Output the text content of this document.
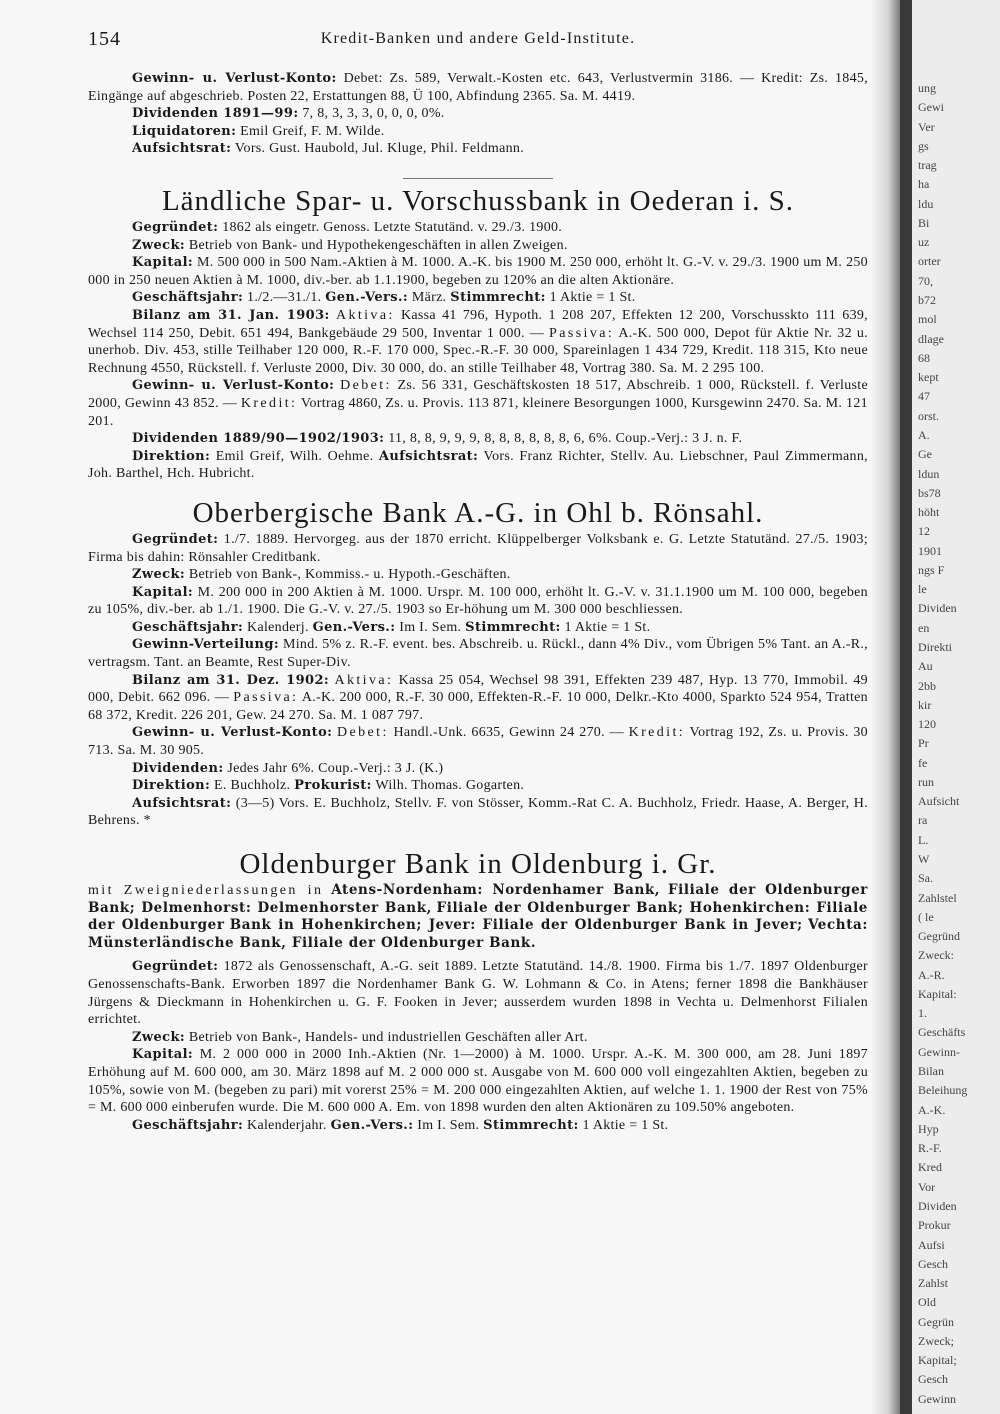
154	Kredit-Banken und andere Geld-Institute.

Gewinn- u. Verlust-Konto: Debet: Zs. 589, Verwalt.-Kosten etc. 643, Verlustvermin 3186. — Kredit: Zs. 1845, Eingänge auf abgeschrieb. Posten 22, Erstattungen 88, Ü 100, Abfindung 2365. Sa. M. 4419.

Dividenden 1891—99: 7, 8, 3, 3, 3, 0, 0, 0, 0%.

Liquidatoren: Emil Greif, F. M. Wilde.

Aufsichtsrat: Vors. Gust. Haubold, Jul. Kluge, Phil. Feldmann.

Ländliche Spar- u. Vorschussbank in Oederan i. S.

Gegründet: 1862 als eingetr. Genoss. Letzte Statutänd. v. 29./3. 1900.

Zweck: Betrieb von Bank- und Hypothekengeschäften in allen Zweigen.

Kapital: M. 500 000 in 500 Nam.-Aktien à M. 1000. A.-K. bis 1900 M. 250 000, erhöht lt. G.-V. v. 29./3. 1900 um M. 250 000 in 250 neuen Aktien à M. 1000, div.-ber. ab 1.1.1900, begeben zu 120% an die alten Aktionäre.

Geschäftsjahr: 1./2.—31./1. Gen.-Vers.: März. Stimmrecht: 1 Aktie = 1 St.

Bilanz am 31. Jan. 1903: Aktiva: Kassa 41 796, Hypoth. 1 208 207, Effekten 12 200, Vorschusskto 111 639, Wechsel 114 250, Debit. 651 494, Bankgebäude 29 500, Inventar 1 000. — Passiva: A.-K. 500 000, Depot für Aktie Nr. 32 u. unerhob. Div. 453, stille Teilhaber 120 000, R.-F. 170 000, Spec.-R.-F. 30 000, Spareinlagen 1 434 729, Kredit. 118 315, Kto neue Rechnung 4550, Rückstell. f. Verluste 2000, Div. 30 000, do. an stille Teilhaber 48, Vortrag 380. Sa. M. 2 295 100.

Gewinn- u. Verlust-Konto: Debet: Zs. 56 331, Geschäftskosten 18 517, Abschreib. 1 000, Rückstell. f. Verluste 2000, Gewinn 43 852. — Kredit: Vortrag 4860, Zs. u. Provis. 113 871, kleinere Besorgungen 1000, Kursgewinn 2470. Sa. M. 121 201.

Dividenden 1889/90—1902/1903: 11, 8, 8, 9, 9, 9, 8, 8, 8, 8, 8, 8, 6, 6%. Coup.-Verj.: 3 J. n. F.

Direktion: Emil Greif, Wilh. Oehme. Aufsichtsrat: Vors. Franz Richter, Stellv. Au. Liebschner, Paul Zimmermann, Joh. Barthel, Hch. Hubricht.

Oberbergische Bank A.-G. in Ohl b. Rönsahl.

Gegründet: 1./7. 1889. Hervorgeg. aus der 1870 erricht. Klüppelberger Volksbank e. G. Letzte Statutänd. 27./5. 1903; Firma bis dahin: Rönsahler Creditbank.

Zweck: Betrieb von Bank-, Kommiss.- u. Hypoth.-Geschäften.

Kapital: M. 200 000 in 200 Aktien à M. 1000. Urspr. M. 100 000, erhöht lt. G.-V. v. 31.1.1900 um M. 100 000, begeben zu 105%, div.-ber. ab 1./1. 1900. Die G.-V. v. 27./5. 1903 so Er-höhung um M. 300 000 beschliessen.

Geschäftsjahr: Kalenderj. Gen.-Vers.: Im I. Sem. Stimmrecht: 1 Aktie = 1 St.

Gewinn-Verteilung: Mind. 5% z. R.-F. event. bes. Abschreib. u. Rückl., dann 4% Div., vom Übrigen 5% Tant. an A.-R., vertragsm. Tant. an Beamte, Rest Super-Div.

Bilanz am 31. Dez. 1902: Aktiva: Kassa 25 054, Wechsel 98 391, Effekten 239 487, Hyp. 13 770, Immobil. 49 000, Debit. 662 096. — Passiva: A.-K. 200 000, R.-F. 30 000, Effekten-R.-F. 10 000, Delkr.-Kto 4000, Sparkto 524 954, Tratten 68 372, Kredit. 226 201, Gew. 24 270. Sa. M. 1 087 797.

Gewinn- u. Verlust-Konto: Debet: Handl.-Unk. 6635, Gewinn 24 270. — Kredit: Vortrag 192, Zs. u. Provis. 30 713. Sa. M. 30 905.

Dividenden: Jedes Jahr 6%. Coup.-Verj.: 3 J. (K.)

Direktion: E. Buchholz. Prokurist: Wilh. Thomas. Gogarten.

Aufsichtsrat: (3—5) Vors. E. Buchholz, Stellv. F. von Stösser, Komm.-Rat C. A. Buchholz, Friedr. Haase, A. Berger, H. Behrens. *

Oldenburger Bank in Oldenburg i. Gr.

mit Zweigniederlassungen in Atens-Nordenham: Nordenhamer Bank, Filiale der Oldenburger Bank; Delmenhorst: Delmenhorster Bank, Filiale der Oldenburger Bank; Hohenkirchen: Filiale der Oldenburger Bank in Hohenkirchen; Jever: Filiale der Oldenburger Bank in Jever; Vechta: Münsterländische Bank, Filiale der Oldenburger Bank.

Gegründet: 1872 als Genossenschaft, A.-G. seit 1889. Letzte Statutänd. 14./8. 1900. Firma bis 1./7. 1897 Oldenburger Genossenschafts-Bank. Erworben 1897 die Nordenhamer Bank G. W. Lohmann & Co. in Atens; ferner 1898 die Bankhäuser Jürgens & Dieckmann in Hohenkirchen u. G. F. Fooken in Jever; ausserdem wurden 1898 in Vechta u. Delmenhorst Filialen errichtet.

Zweck: Betrieb von Bank-, Handels- und industriellen Geschäften aller Art.

Kapital: M. 2 000 000 in 2000 Inh.-Aktien (Nr. 1—2000) à M. 1000. Urspr. A.-K. M. 300 000, am 28. Juni 1897 Erhöhung auf M. 600 000, am 30. März 1898 auf M. 2 000 000 st. Ausgabe von M. 600 000 voll eingezahlten Aktien, begeben zu 105%, sowie von M. (begeben zu pari) mit vorerst 25% = M. 200 000 eingezahlten Aktien, auf welche 1. 1. 1900 der Rest von 75% = M. 600 000 einberufen wurde. Die M. 600 000 A. Em. von 1898 wurden den alten Aktionären zu 109.50% angeboten.

Geschäftsjahr: Kalenderjahr. Gen.-Vers.: Im I. Sem. Stimmrecht: 1 Aktie = 1 St.

ung
Gewi
Ver
gs
trag
ha
ldu
Bi
uz
orter
70,
b72
mol
dlage
68
kept
47
orst.
A.
Ge
ldun
bs78
höht
12
1901
ngs F
le
Dividen
en
Direkti
Au
2bb
kir
120
Pr
fe
run
Aufsicht
ra
L.
W
Sa.
Zahlstel
( le
Gegründ
Zweck:
A.-R.
Kapital:
1.
Geschäfts
Gewinn-
Bilan
Beleihung
A.-K.
Hyp
R.-F.
Kred
Vor
Dividen
Prokur
Aufsi
Gesch
Zahlst
Old
Gegrün
Zweck;
Kapital;
Gesch
Gewinn
